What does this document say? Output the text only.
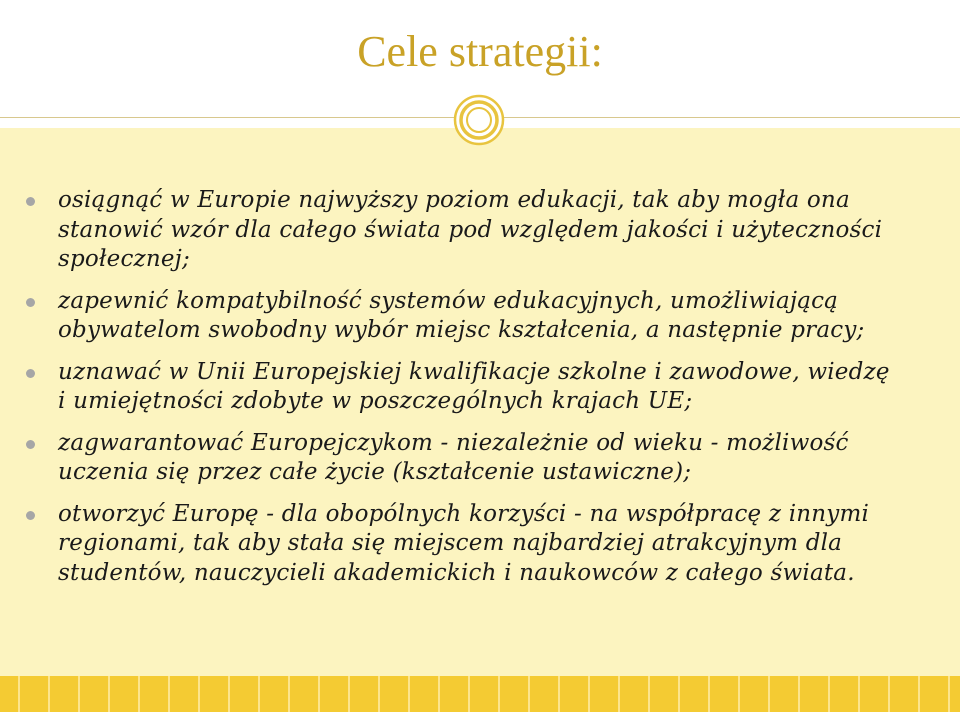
Cele strategii:
osiągnąć w Europie najwyższy poziom edukacji, tak aby mogła ona stanowić wzór dla całego świata pod względem jakości i użyteczności społecznej;
zapewnić kompatybilność systemów edukacyjnych, umożliwiającą obywatelom swobodny wybór miejsc kształcenia, a następnie pracy;
uznawać w Unii Europejskiej kwalifikacje szkolne i zawodowe, wiedzę i umiejętności zdobyte w poszczególnych krajach UE;
zagwarantować Europejczykom - niezależnie od wieku - możliwość uczenia się przez całe życie (kształcenie ustawiczne);
otworzyć Europę - dla obopólnych korzyści - na współpracę z innymi regionami, tak aby stała się miejscem najbardziej atrakcyjnym dla studentów, nauczycieli akademickich i naukowców z całego świata.
